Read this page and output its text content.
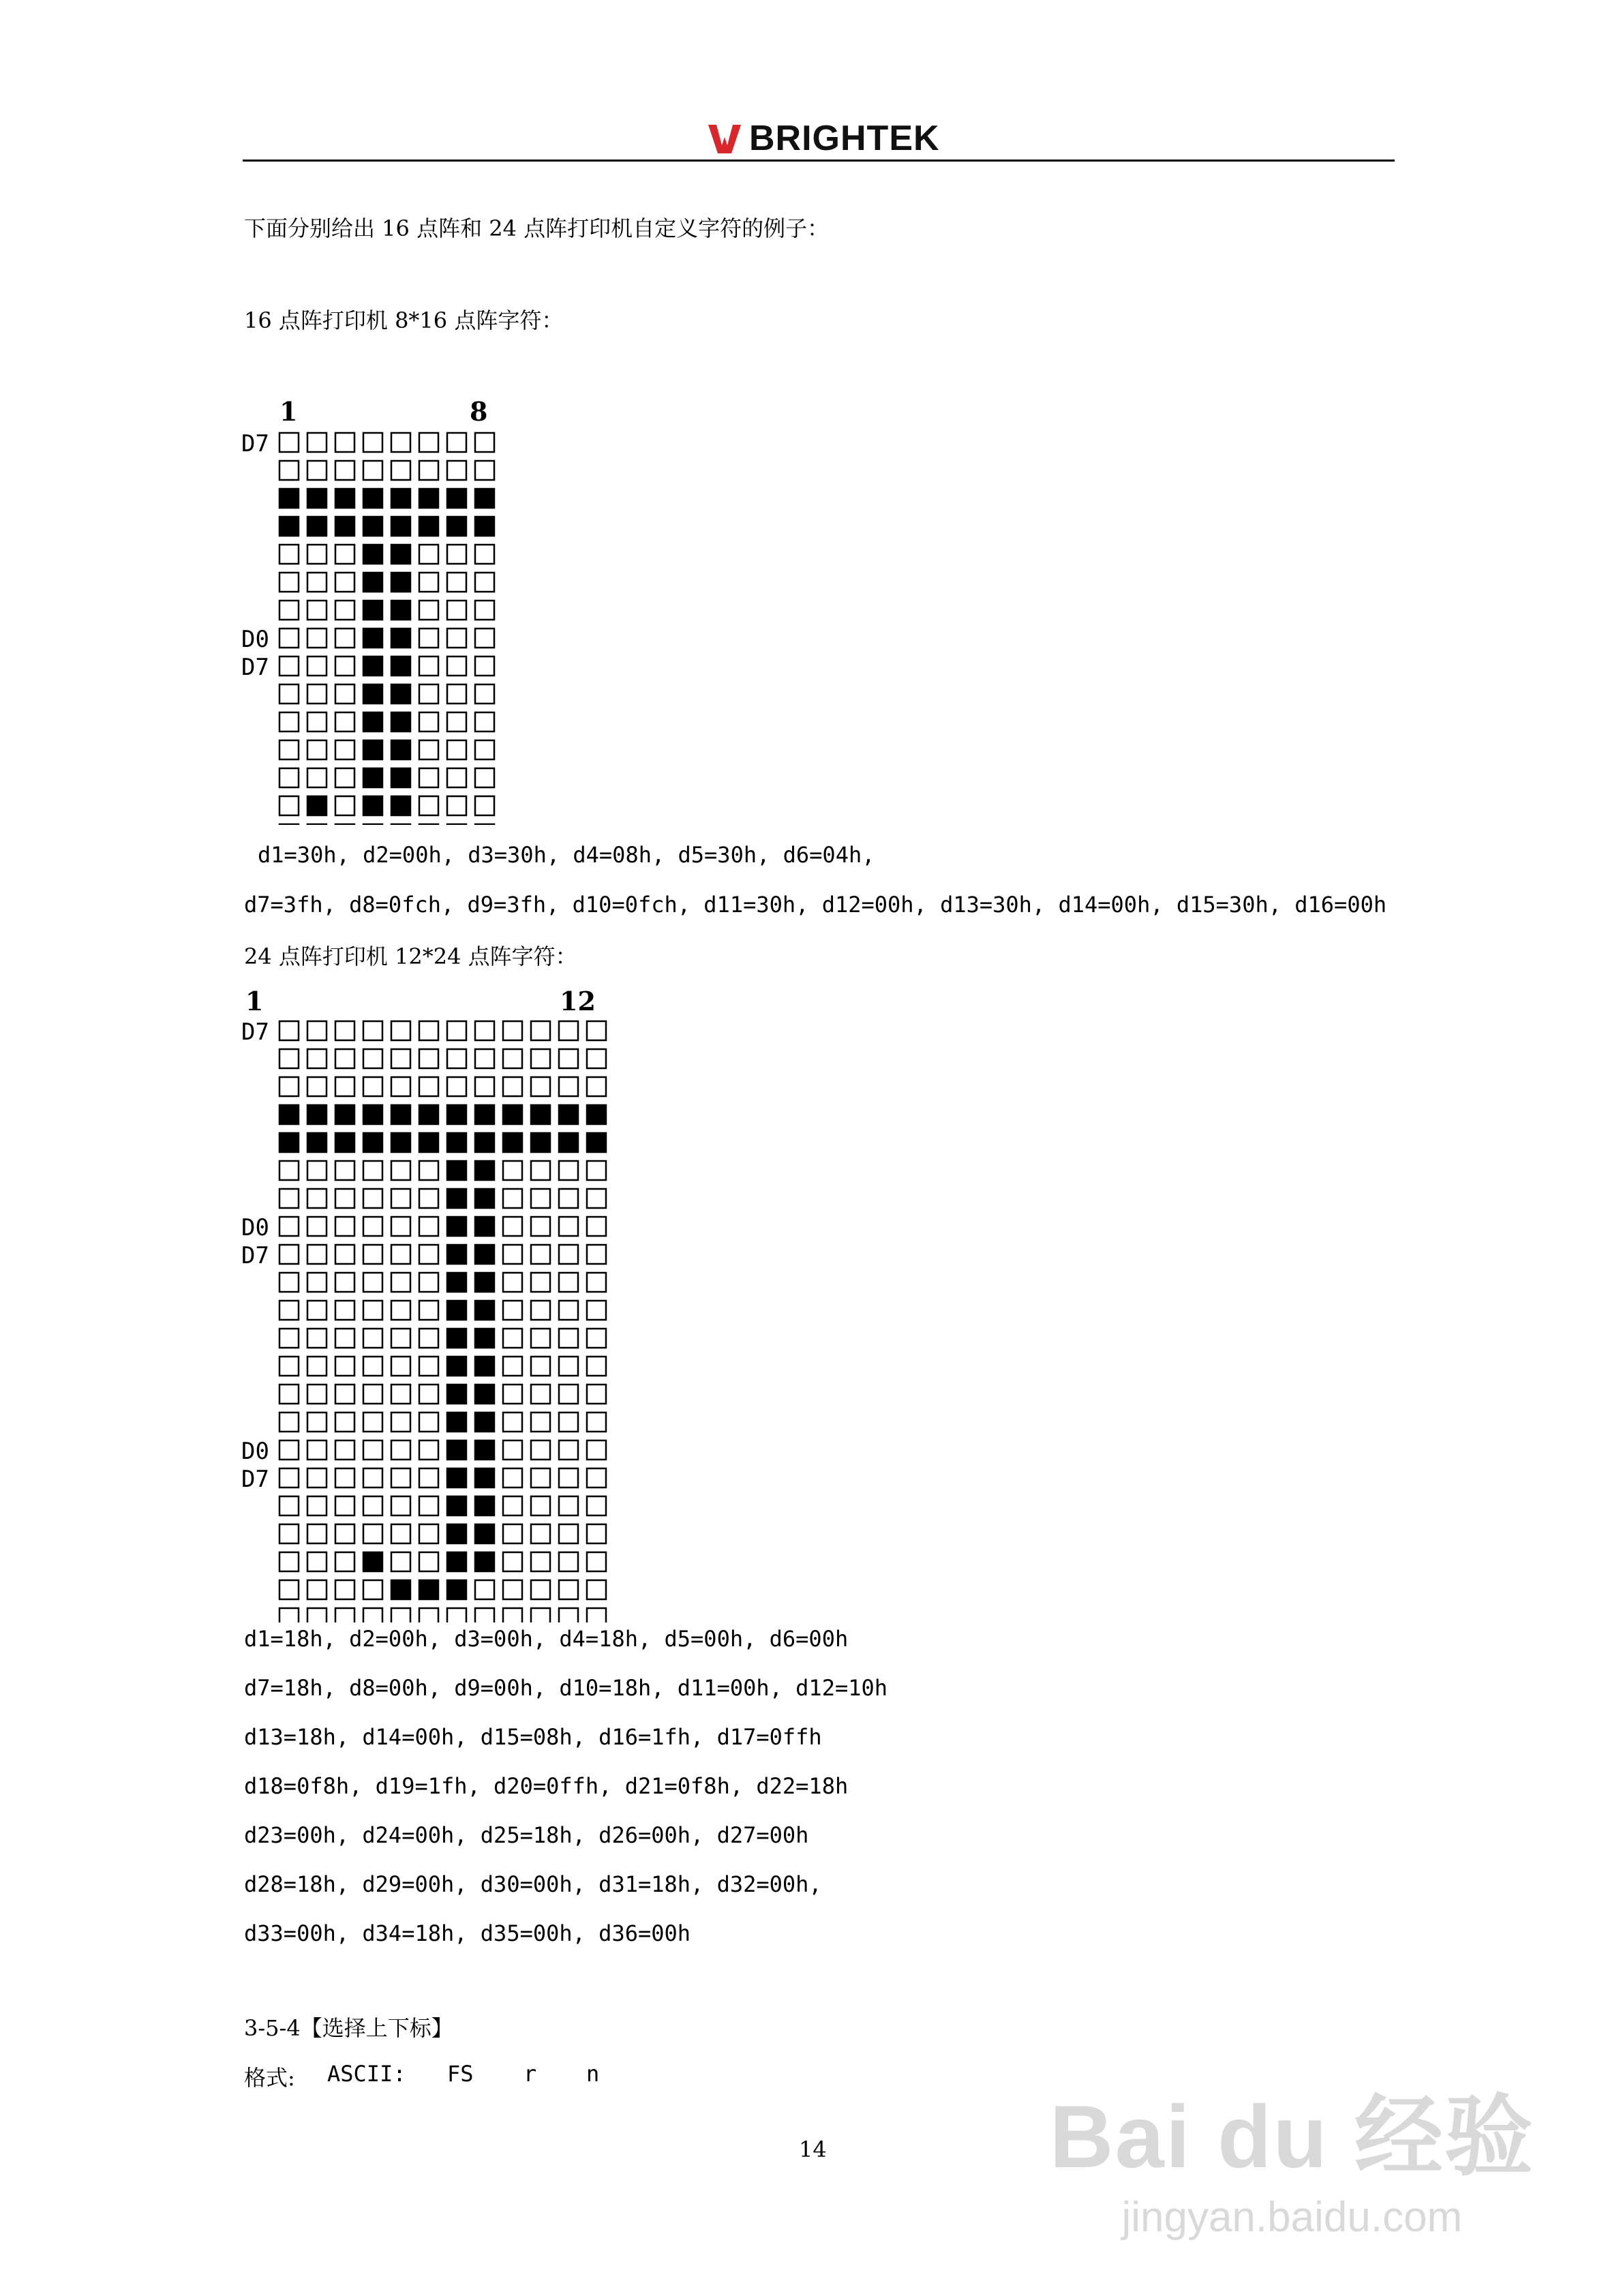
BRIGHTEK
下面分别给出 16 点阵和 24 点阵打印机自定义字符的例子：
16 点阵打印机 8*16 点阵字符：
1	8
D7
D0
D7
d1=30h, d2=00h, d3=30h, d4=08h, d5=30h, d6=04h,
d7=3fh, d8=0fch, d9=3fh, d10=0fch, d11=30h, d12=00h, d13=30h, d14=00h, d15=30h, d16=00h
24 点阵打印机 12*24 点阵字符：
1	12
D7
D0
D7
D0
D7
d1=18h, d2=00h, d3=00h, d4=18h, d5=00h, d6=00h
d7=18h, d8=00h, d9=00h, d10=18h, d11=00h, d12=10h
d13=18h, d14=00h, d15=08h, d16=1fh, d17=0ffh
d18=0f8h, d19=1fh, d20=0ffh, d21=0f8h, d22=18h
d23=00h, d24=00h, d25=18h, d26=00h, d27=00h
d28=18h, d29=00h, d30=00h, d31=18h, d32=00h,
d33=00h, d34=18h, d35=00h, d36=00h
3-5-4【选择上下标】
格式:	ASCII:	FS	r	n
14	Bai du 经验
jingyan.baidu.com
